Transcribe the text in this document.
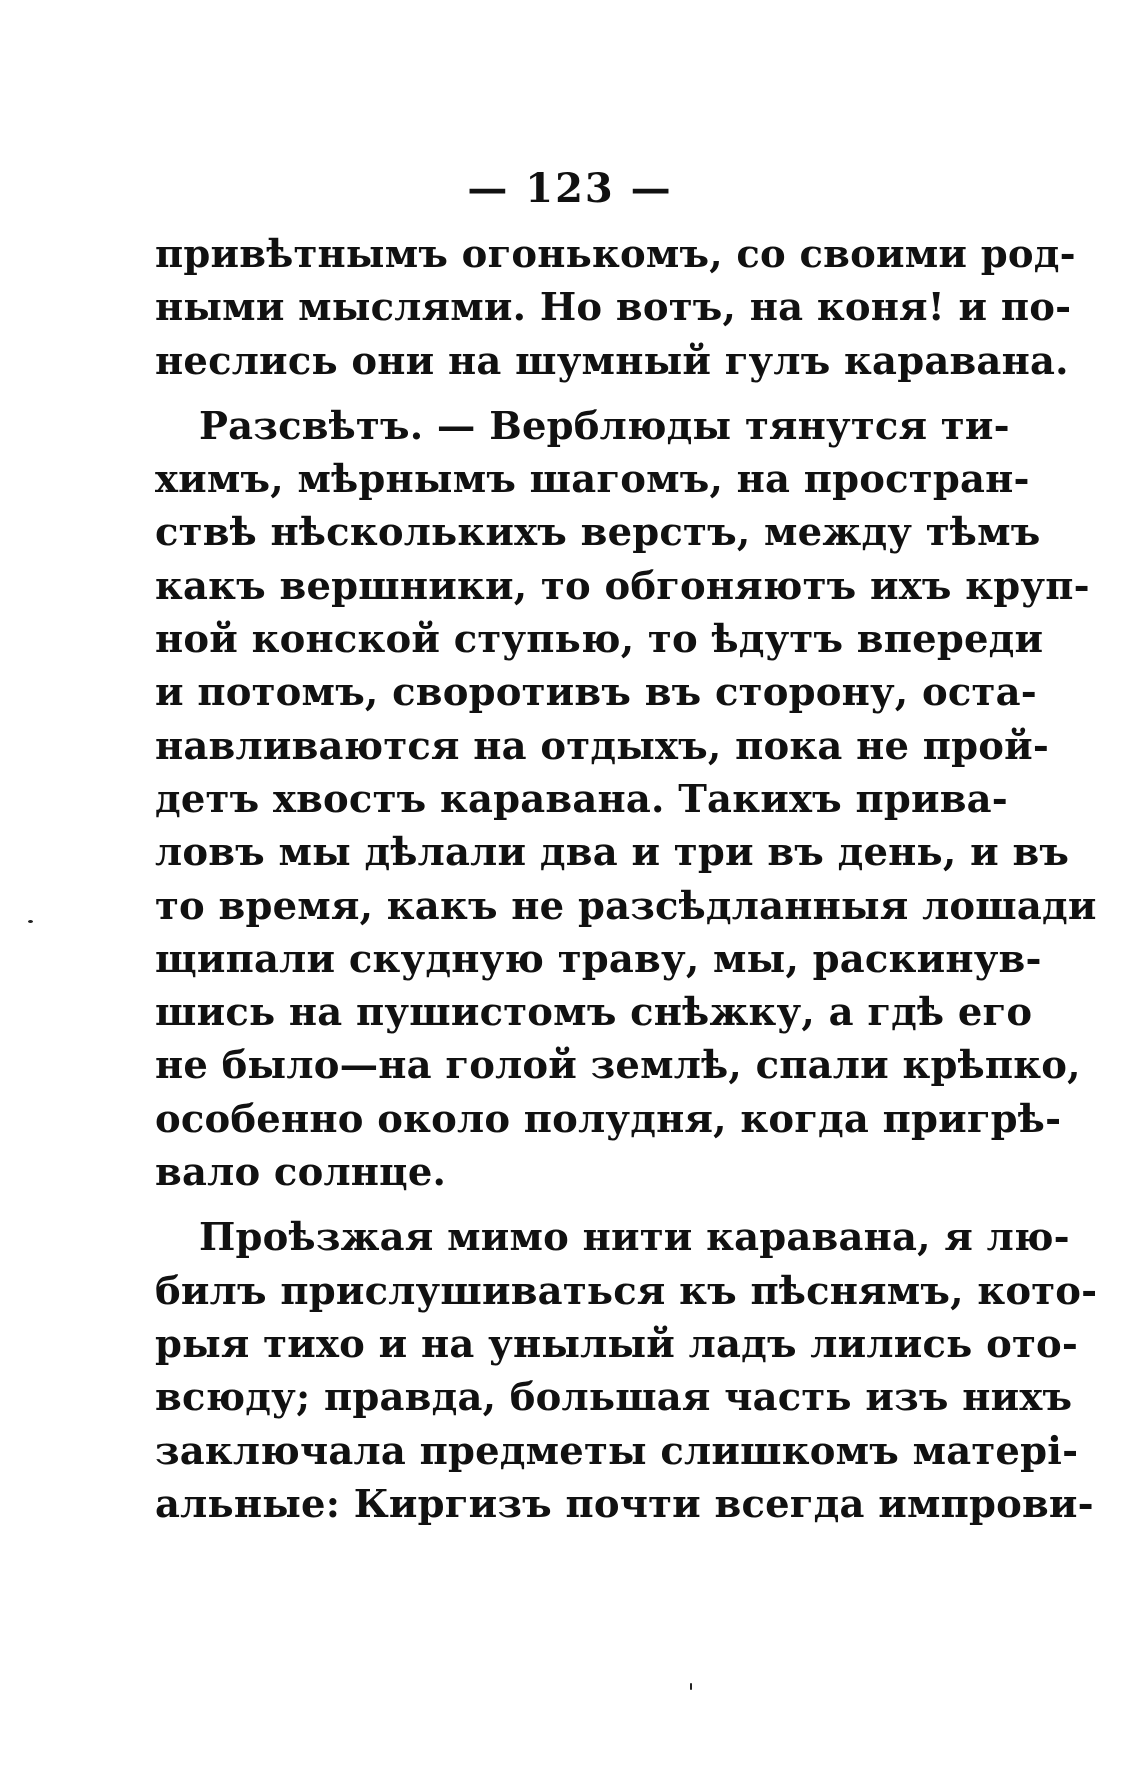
— 123 —
привѣтнымъ огонькомъ, со своими род-
ными мыслями. Но вотъ, на коня! и по-
неслись они на шумный гулъ каравана.
Разсвѣтъ. — Верблюды тянутся ти-
химъ, мѣрнымъ шагомъ, на простран-
ствѣ нѣсколькихъ верстъ, между тѣмъ
какъ вершники, то обгоняютъ ихъ круп-
ной конской ступью, то ѣдутъ впереди
и потомъ, своротивъ въ сторону, оста-
навливаются на отдыхъ, пока не прой-
детъ хвостъ каравана. Такихъ прива-
ловъ мы дѣлали два и три въ день, и въ
то время, какъ не разсѣдланныя лошади
щипали скудную траву, мы, раскинув-
шись на пушистомъ снѣжку, а гдѣ его
не было—на голой землѣ, спали крѣпко,
особенно около полудня, когда пригрѣ-
вало солнце.
Проѣзжая мимо нити каравана, я лю-
билъ прислушиваться къ пѣснямъ, кото-
рыя тихо и на унылый ладъ лились ото-
всюду; правда, большая часть изъ нихъ
заключала предметы слишкомъ матері-
альные: Киргизъ почти всегда импрови-
